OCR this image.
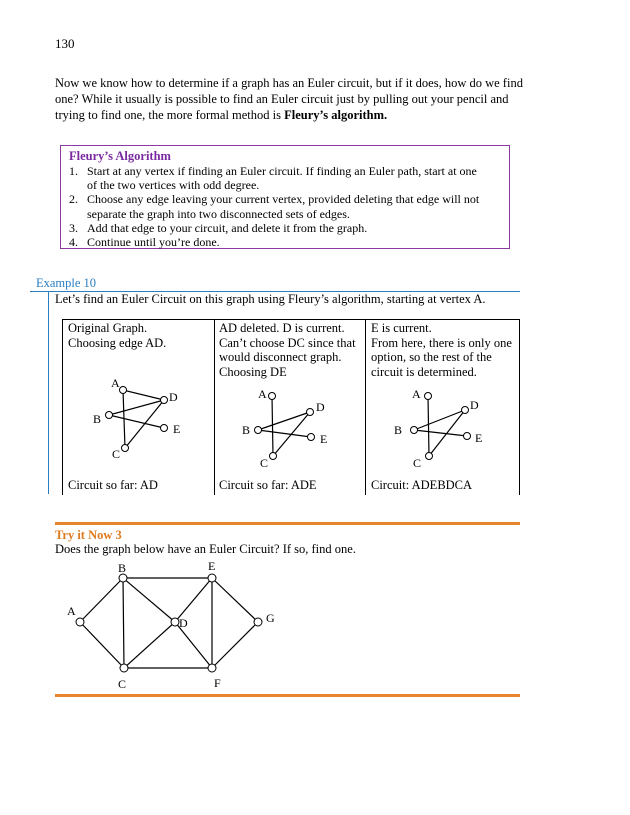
130
Now we know how to determine if a graph has an Euler circuit, but if it does, how do we find
one? While it usually is possible to find an Euler circuit just by pulling out your pencil and
trying to find one, the more formal method is Fleury’s algorithm.
Fleury’s Algorithm
1. Start at any vertex if finding an Euler circuit. If finding an Euler path, start at one
of the two vertices with odd degree.
2. Choose any edge leaving your current vertex, provided deleting that edge will not
separate the graph into two disconnected sets of edges.
3. Add that edge to your circuit, and delete it from the graph.
4. Continue until you’re done.
Example 10
Let’s find an Euler Circuit on this graph using Fleury’s algorithm, starting at vertex A.
Original Graph.
Choosing edge AD.
A
B
C
D
E
Circuit so far: AD
AD deleted. D is current.
Can’t choose DC since that
would disconnect graph.
Choosing DE
A
B
C
D
E
Circuit so far: ADE
E is current.
From here, there is only one
option, so the rest of the
circuit is determined.
A
B
C
D
E
Circuit: ADEBDCA
Try it Now 3
Does the graph below have an Euler Circuit? If so, find one.
A
B
C
D
E
F
G
